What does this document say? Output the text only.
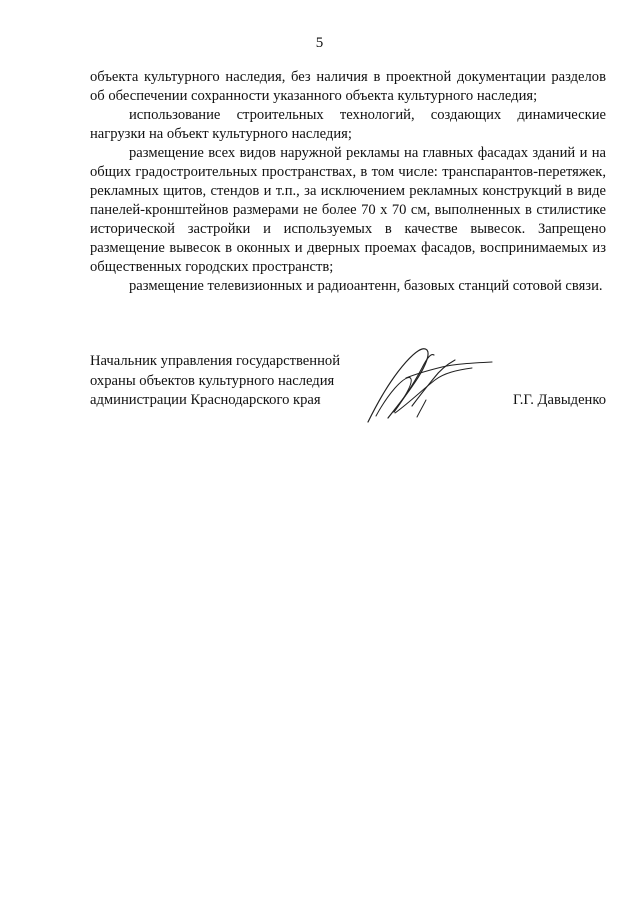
5

объекта культурного наследия, без наличия в проектной документации разделов об обеспечении сохранности указанного объекта культурного наследия;

использование строительных технологий, создающих динамические нагрузки на объект культурного наследия;

размещение всех видов наружной рекламы на главных фасадах зданий и на общих градостроительных пространствах, в том числе: транспарантов-перетяжек, рекламных щитов, стендов и т.п., за исключением рекламных конструкций в виде панелей-кронштейнов размерами не более 70 х 70 см, выполненных в стилистике исторической застройки и используемых в качестве вывесок. Запрещено размещение вывесок в оконных и дверных проемах фасадов, воспринимаемых из общественных городских пространств;

размещение телевизионных и радиоантенн, базовых станций сотовой связи.

Начальник управления государственной
охраны объектов культурного наследия
администрации Краснодарского края	Г.Г. Давыденко
